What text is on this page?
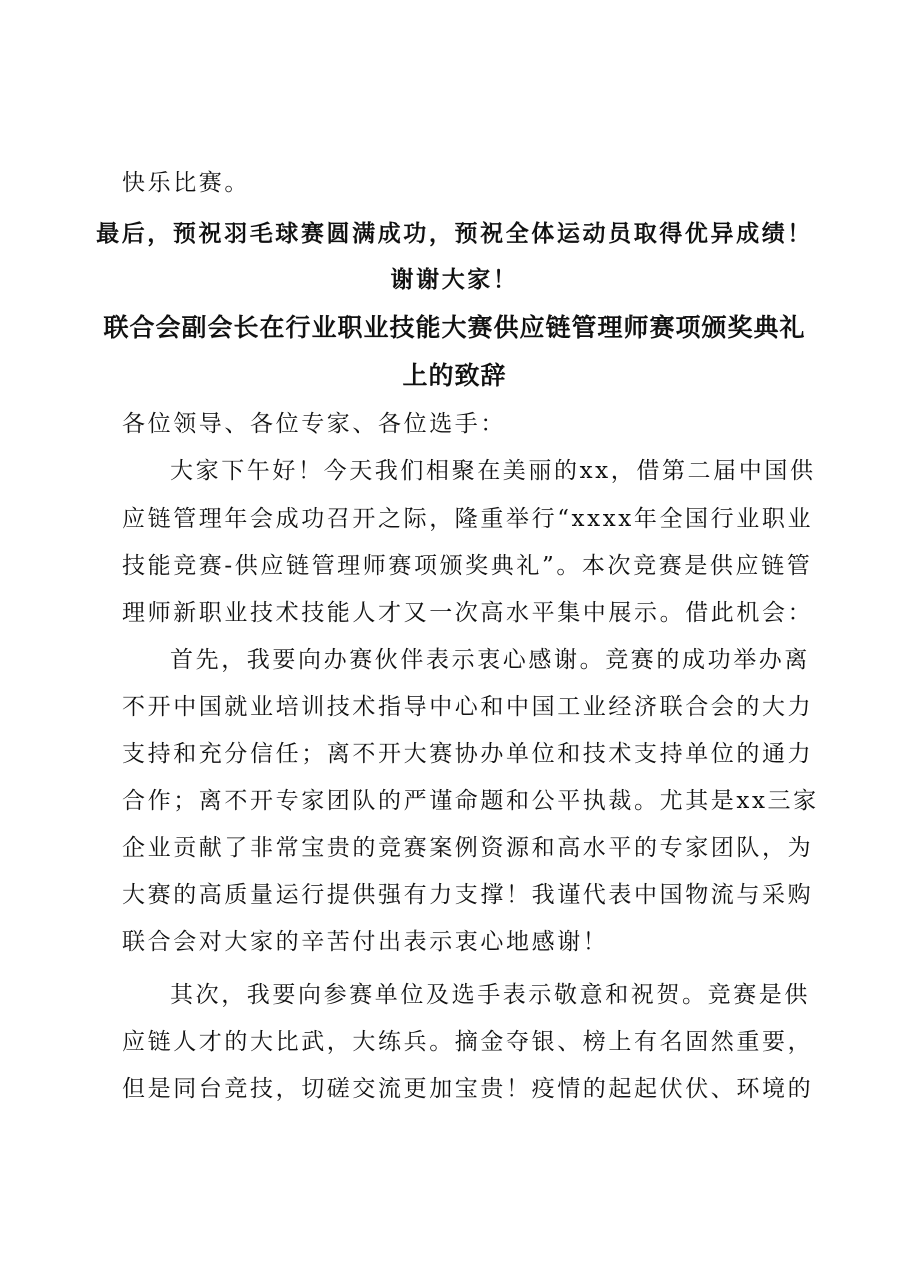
快乐比赛。
最后，预祝羽毛球赛圆满成功，预祝全体运动员取得优异成绩！
谢谢大家！
联合会副会长在行业职业技能大赛供应链管理师赛项颁奖典礼
上的致辞
各位领导、各位专家、各位选手：
大家下午好！今天我们相聚在美丽的xx，借第二届中国供
应链管理年会成功召开之际，隆重举行“xxxx年全国行业职业
技能竞赛-供应链管理师赛项颁奖典礼”。本次竞赛是供应链管
理师新职业技术技能人才又一次高水平集中展示。借此机会：
首先，我要向办赛伙伴表示衷心感谢。竞赛的成功举办离
不开中国就业培训技术指导中心和中国工业经济联合会的大力
支持和充分信任；离不开大赛协办单位和技术支持单位的通力
合作；离不开专家团队的严谨命题和公平执裁。尤其是xx三家
企业贡献了非常宝贵的竞赛案例资源和高水平的专家团队，为
大赛的高质量运行提供强有力支撑！我谨代表中国物流与采购
联合会对大家的辛苦付出表示衷心地感谢！
其次，我要向参赛单位及选手表示敬意和祝贺。竞赛是供
应链人才的大比武，大练兵。摘金夺银、榜上有名固然重要，
但是同台竞技，切磋交流更加宝贵！疫情的起起伏伏、环境的
